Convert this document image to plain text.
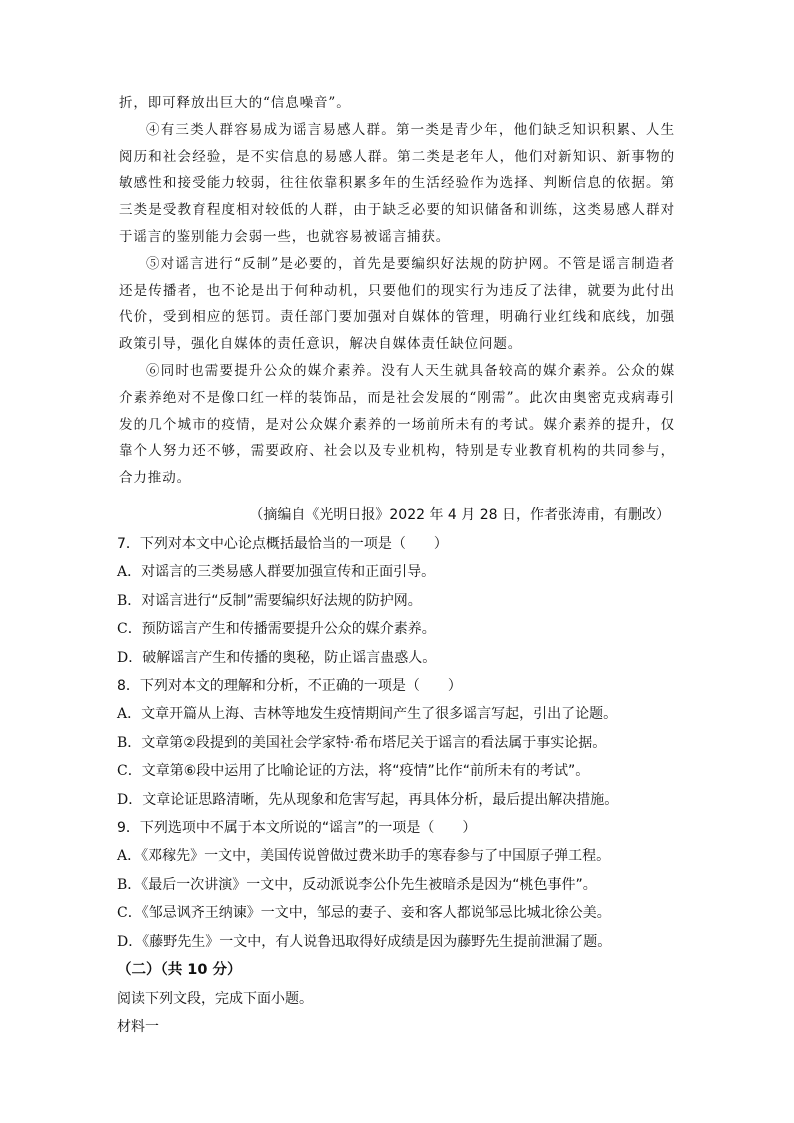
折，即可释放出巨大的“信息噪音”。

④有三类人群容易成为谣言易感人群。第一类是青少年，他们缺乏知识积累、人生阅历和社会经验，是不实信息的易感人群。第二类是老年人，他们对新知识、新事物的敏感性和接受能力较弱，往往依靠积累多年的生活经验作为选择、判断信息的依据。第三类是受教育程度相对较低的人群，由于缺乏必要的知识储备和训练，这类易感人群对于谣言的鉴别能力会弱一些，也就容易被谣言捕获。

⑤对谣言进行“反制”是必要的，首先是要编织好法规的防护网。不管是谣言制造者还是传播者，也不论是出于何种动机，只要他们的现实行为违反了法律，就要为此付出代价，受到相应的惩罚。责任部门要加强对自媒体的管理，明确行业红线和底线，加强政策引导，强化自媒体的责任意识，解决自媒体责任缺位问题。

⑥同时也需要提升公众的媒介素养。没有人天生就具备较高的媒介素养。公众的媒介素养绝对不是像口红一样的装饰品，而是社会发展的“刚需”。此次由奥密克戎病毒引发的几个城市的疫情，是对公众媒介素养的一场前所未有的考试。媒介素养的提升，仅靠个人努力还不够，需要政府、社会以及专业机构，特别是专业教育机构的共同参与，合力推动。

（摘编自《光明日报》2022 年 4 月 28 日，作者张涛甫，有删改）
7．下列对本文中心论点概括最恰当的一项是（　　）
A．对谣言的三类易感人群要加强宣传和正面引导。
B．对谣言进行“反制”需要编织好法规的防护网。
C．预防谣言产生和传播需要提升公众的媒介素养。
D．破解谣言产生和传播的奥秘，防止谣言蛊惑人。
8．下列对本文的理解和分析，不正确的一项是（　　）
A．文章开篇从上海、吉林等地发生疫情期间产生了很多谣言写起，引出了论题。
B．文章第②段提到的美国社会学家特·希布塔尼关于谣言的看法属于事实论据。
C．文章第⑥段中运用了比喻论证的方法，将“疫情”比作“前所未有的考试”。
D．文章论证思路清晰，先从现象和危害写起，再具体分析，最后提出解决措施。
9．下列选项中不属于本文所说的“谣言”的一项是（　　）
A．《邓稼先》一文中，美国传说曾做过费米助手的寒春参与了中国原子弹工程。
B．《最后一次讲演》一文中，反动派说李公仆先生被暗杀是因为“桃色事件”。
C．《邹忌讽齐王纳谏》一文中，邹忌的妻子、妾和客人都说邹忌比城北徐公美。
D．《藤野先生》一文中，有人说鲁迅取得好成绩是因为藤野先生提前泄漏了题。
（二）（共 10 分）
阅读下列文段，完成下面小题。
材料一
